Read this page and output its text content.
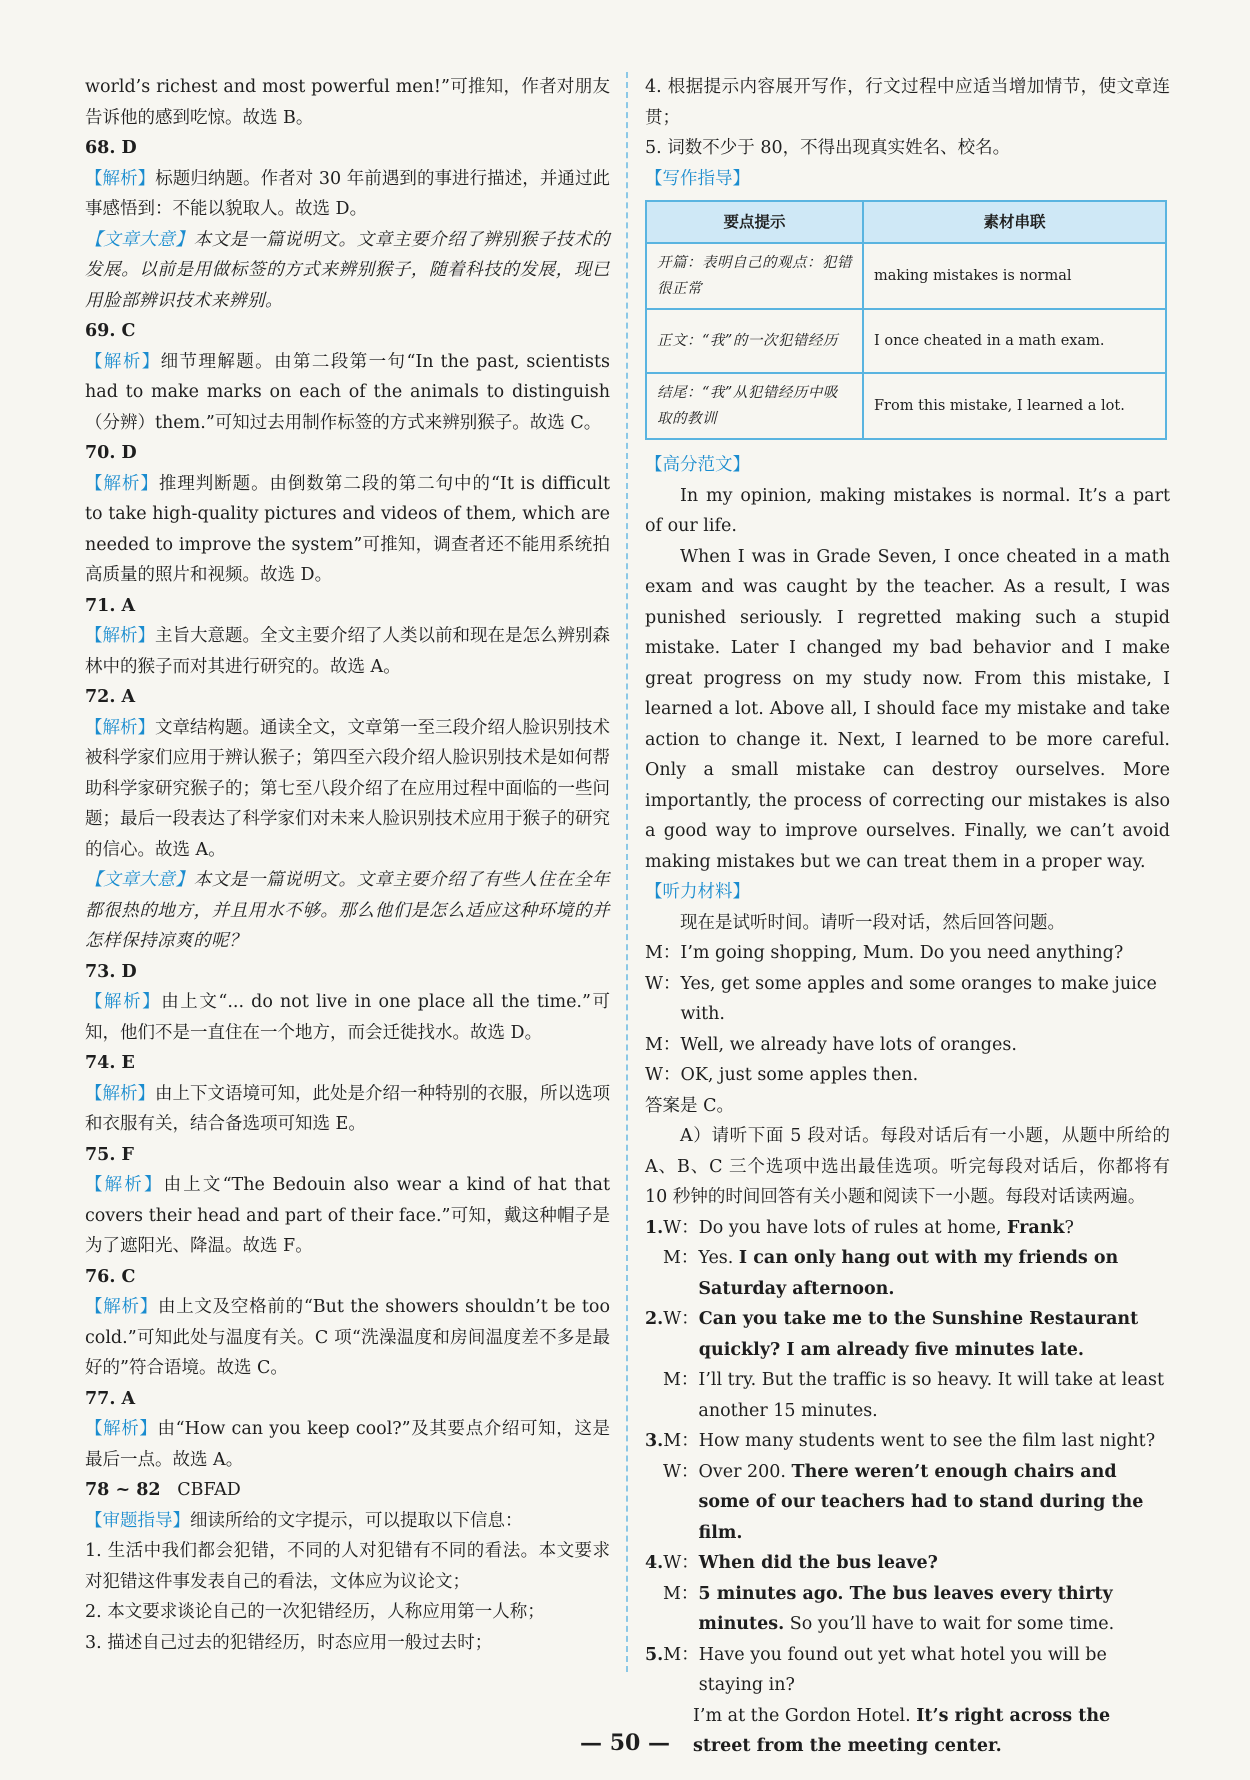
world’s richest and most powerful men!”可推知，作者对朋友告诉他的感到吃惊。故选 B。

68. D

【解析】标题归纳题。作者对 30 年前遇到的事进行描述，并通过此事感悟到：不能以貌取人。故选 D。

【文章大意】本文是一篇说明文。文章主要介绍了辨别猴子技术的发展。以前是用做标签的方式来辨别猴子，随着科技的发展，现已用脸部辨识技术来辨别。

69. C

【解析】细节理解题。由第二段第一句“In the past, scientists had to make marks on each of the animals to distinguish（分辨）them.”可知过去用制作标签的方式来辨别猴子。故选 C。

70. D

【解析】推理判断题。由倒数第二段的第二句中的“It is difficult to take high-quality pictures and videos of them, which are needed to improve the system”可推知，调查者还不能用系统拍高质量的照片和视频。故选 D。

71. A

【解析】主旨大意题。全文主要介绍了人类以前和现在是怎么辨别森林中的猴子而对其进行研究的。故选 A。

72. A

【解析】文章结构题。通读全文，文章第一至三段介绍人脸识别技术被科学家们应用于辨认猴子；第四至六段介绍人脸识别技术是如何帮助科学家研究猴子的；第七至八段介绍了在应用过程中面临的一些问题；最后一段表达了科学家们对未来人脸识别技术应用于猴子的研究的信心。故选 A。

【文章大意】本文是一篇说明文。文章主要介绍了有些人住在全年都很热的地方，并且用水不够。那么他们是怎么适应这种环境的并怎样保持凉爽的呢？

73. D

【解析】由上文“... do not live in one place all the time.”可知，他们不是一直住在一个地方，而会迁徙找水。故选 D。

74. E

【解析】由上下文语境可知，此处是介绍一种特别的衣服，所以选项和衣服有关，结合备选项可知选 E。

75. F

【解析】由上文“The Bedouin also wear a kind of hat that covers their head and part of their face.”可知，戴这种帽子是为了遮阳光、降温。故选 F。

76. C

【解析】由上文及空格前的“But the showers shouldn’t be too cold.”可知此处与温度有关。C 项“洗澡温度和房间温度差不多是最好的”符合语境。故选 C。

77. A

【解析】由“How can you keep cool?”及其要点介绍可知，这是最后一点。故选 A。

78 ~ 82 CBFAD

【审题指导】细读所给的文字提示，可以提取以下信息：

1. 生活中我们都会犯错，不同的人对犯错有不同的看法。本文要求对犯错这件事发表自己的看法，文体应为议论文；

2. 本文要求谈论自己的一次犯错经历，人称应用第一人称；

3. 描述自己过去的犯错经历，时态应用一般过去时；

4. 根据提示内容展开写作，行文过程中应适当增加情节，使文章连贯；

5. 词数不少于 80，不得出现真实姓名、校名。

【写作指导】

要点提示	素材串联
开篇：表明自己的观点：犯错很正常	making mistakes is normal
正文：“我”的一次犯错经历	I once cheated in a math exam.
结尾：“我”从犯错经历中吸取的教训	From this mistake, I learned a lot.

【高分范文】

In my opinion, making mistakes is normal. It’s a part of our life.

When I was in Grade Seven, I once cheated in a math exam and was caught by the teacher. As a result, I was punished seriously. I regretted making such a stupid mistake. Later I changed my bad behavior and I make great progress on my study now. From this mistake, I learned a lot. Above all, I should face my mistake and take action to change it. Next, I learned to be more careful. Only a small mistake can destroy ourselves. More importantly, the process of correcting our mistakes is also a good way to improve ourselves. Finally, we can’t avoid making mistakes but we can treat them in a proper way.

【听力材料】

现在是试听时间。请听一段对话，然后回答问题。

M： I’m going shopping, Mum. Do you need anything?
W： Yes, get some apples and some oranges to make juice with.
M： Well, we already have lots of oranges.
W： OK, just some apples then.

答案是 C。

A）请听下面 5 段对话。每段对话后有一小题，从题中所给的 A、B、C 三个选项中选出最佳选项。听完每段对话后，你都将有 10 秒钟的时间回答有关小题和阅读下一小题。每段对话读两遍。

1. W： Do you have lots of rules at home, Frank?
M： Yes. I can only hang out with my friends on Saturday afternoon.
2. W： Can you take me to the Sunshine Restaurant quickly? I am already five minutes late.
M： I’ll try. But the traffic is so heavy. It will take at least another 15 minutes.
3. M： How many students went to see the film last night?
W： Over 200. There weren’t enough chairs and some of our teachers had to stand during the film.
4. W： When did the bus leave?
M： 5 minutes ago. The bus leaves every thirty minutes. So you’ll have to wait for some time.
5. M： Have you found out yet what hotel you will be staying in?
I’m at the Gordon Hotel. It’s right across the street from the meeting center.
— 50 —
